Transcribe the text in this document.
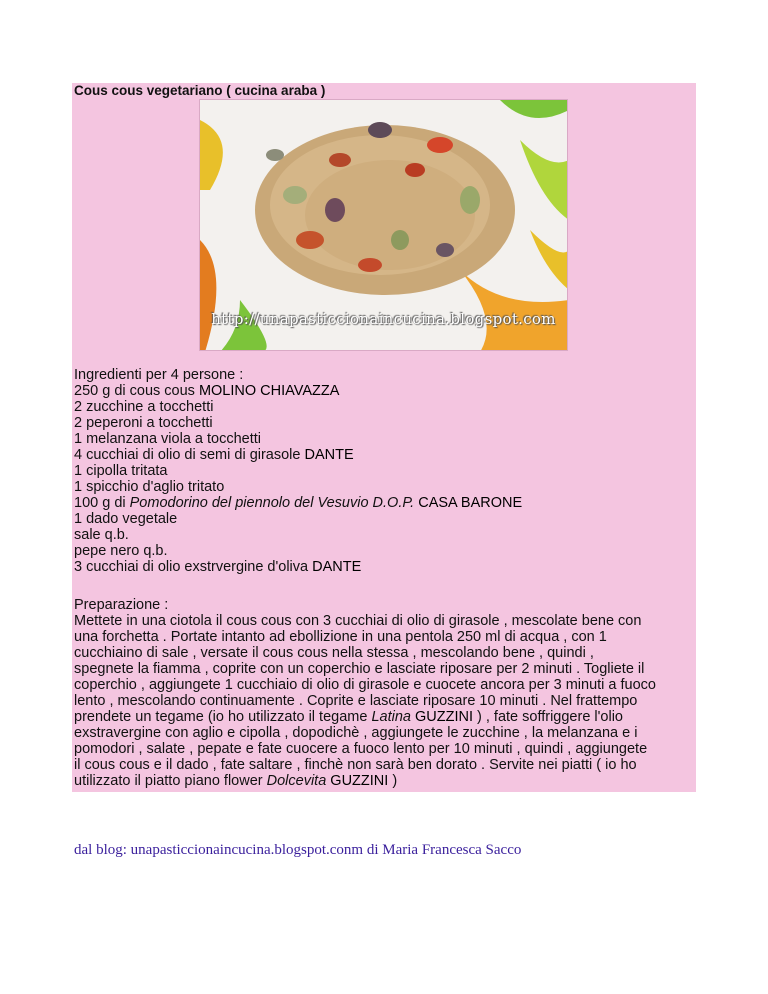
Cous cous vegetariano ( cucina araba )
http://unapasticcionaincucina.blogspot.com
Ingredienti per 4 persone :
250 g di cous cous MOLINO CHIAVAZZA
2 zucchine a tocchetti
2 peperoni a tocchetti
1 melanzana viola a tocchetti
4 cucchiai di olio di semi di girasole DANTE
1 cipolla tritata
1 spicchio d'aglio tritato
100 g di Pomodorino del piennolo del Vesuvio D.O.P. CASA BARONE
1 dado vegetale
sale q.b.
pepe nero q.b.
3 cucchiai di olio exstrvergine d'oliva DANTE
Preparazione :
Mettete in una ciotola il cous cous con 3 cucchiai di olio di girasole , mescolate bene con
una forchetta . Portate intanto ad ebollizione in una pentola 250 ml di acqua , con 1
cucchiaino di sale , versate il cous cous nella stessa , mescolando bene , quindi ,
spegnete la fiamma , coprite con un coperchio e lasciate riposare per 2 minuti . Togliete il
coperchio , aggiungete 1 cucchiaio di olio di girasole e cuocete ancora per 3 minuti a fuoco
lento , mescolando continuamente . Coprite e lasciate riposare 10 minuti . Nel frattempo
prendete un tegame (io ho utilizzato il tegame Latina GUZZINI ) , fate soffriggere l'olio
exstravergine con aglio e cipolla , dopodichè , aggiungete le zucchine , la melanzana e i
pomodori , salate , pepate e fate cuocere a fuoco lento per 10 minuti , quindi , aggiungete
il cous cous e il dado , fate saltare , finchè non sarà ben dorato . Servite nei piatti ( io ho
utilizzato il piatto piano flower Dolcevita GUZZINI )
dal blog: unapasticcionaincucina.blogspot.conm di Maria Francesca Sacco
